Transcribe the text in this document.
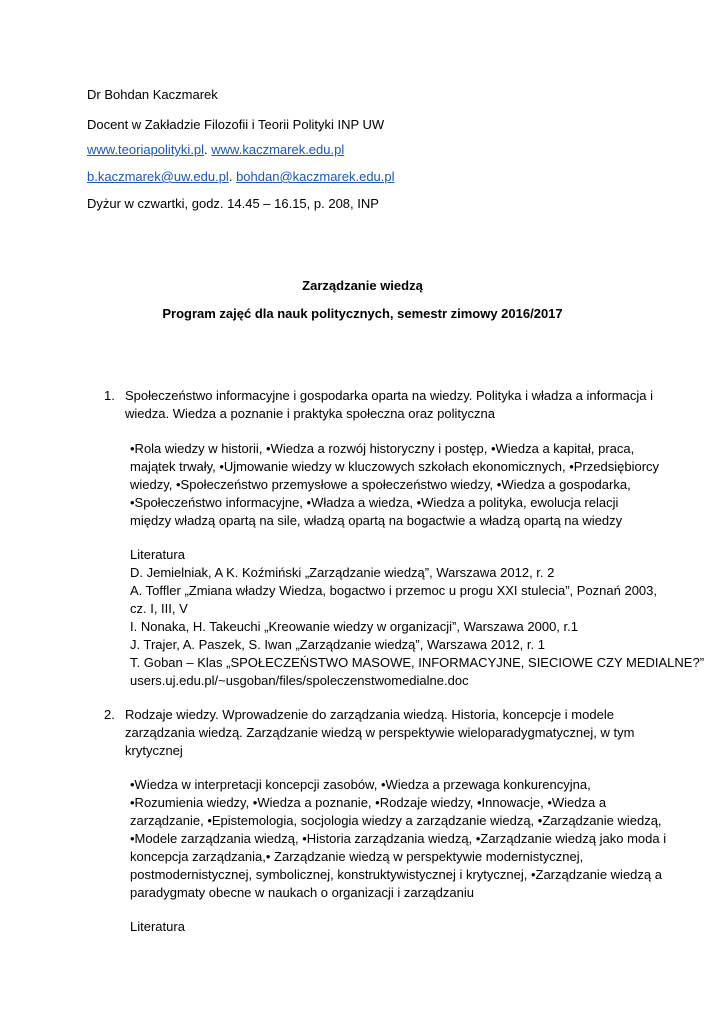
Dr Bohdan Kaczmarek
Docent w Zakładzie Filozofii i Teorii Polityki INP UW
www.teoriapolityki.pl. www.kaczmarek.edu.pl
b.kaczmarek@uw.edu.pl. bohdan@kaczmarek.edu.pl
Dyżur w czwartki, godz. 14.45 – 16.15, p. 208, INP
Zarządzanie wiedzą
Program zajęć dla nauk politycznych, semestr zimowy 2016/2017
1. Społeczeństwo informacyjne i gospodarka oparta na wiedzy. Polityka i władza a informacja i
wiedza. Wiedza a poznanie i praktyka społeczna oraz polityczna
•Rola wiedzy w historii, •Wiedza a rozwój historyczny i postęp, •Wiedza a kapitał, praca,
majątek trwały, •Ujmowanie wiedzy w kluczowych szkołach ekonomicznych, •Przedsiębiorcy
wiedzy, •Społeczeństwo przemysłowe a społeczeństwo wiedzy, •Wiedza a gospodarka,
•Społeczeństwo informacyjne, •Władza a wiedza, •Wiedza a polityka, ewolucja relacji
między władzą opartą na sile, władzą opartą na bogactwie a władzą opartą na wiedzy
Literatura
D. Jemielniak, A K. Koźmiński „Zarządzanie wiedzą”, Warszawa 2012, r. 2
A. Toffler „Zmiana władzy Wiedza, bogactwo i przemoc u progu XXI stulecia”, Poznań 2003,
cz. I, III, V
I. Nonaka, H. Takeuchi „Kreowanie wiedzy w organizacji”, Warszawa 2000, r.1
J. Trajer, A. Paszek, S. Iwan „Zarządzanie wiedzą”, Warszawa 2012, r. 1
T. Goban – Klas „SPOŁECZEŃSTWO MASOWE, INFORMACYJNE, SIECIOWE CZY MEDIALNE?”
users.uj.edu.pl/~usgoban/files/spoleczenstwomedialne.doc
2. Rodzaje wiedzy. Wprowadzenie do zarządzania wiedzą. Historia, koncepcje i modele
zarządzania wiedzą. Zarządzanie wiedzą w perspektywie wieloparadygmatycznej, w tym
krytycznej
•Wiedza w interpretacji koncepcji zasobów, •Wiedza a przewaga konkurencyjna,
•Rozumienia wiedzy, •Wiedza a poznanie, •Rodzaje wiedzy, •Innowacje, •Wiedza a
zarządzanie, •Epistemologia, socjologia wiedzy a zarządzanie wiedzą, •Zarządzanie wiedzą,
•Modele zarządzania wiedzą, •Historia zarządzania wiedzą, •Zarządzanie wiedzą jako moda i
koncepcja zarządzania,• Zarządzanie wiedzą w perspektywie modernistycznej,
postmodernistycznej, symbolicznej, konstruktywistycznej i krytycznej, •Zarządzanie wiedzą a
paradygmaty obecne w naukach o organizacji i zarządzaniu
Literatura
